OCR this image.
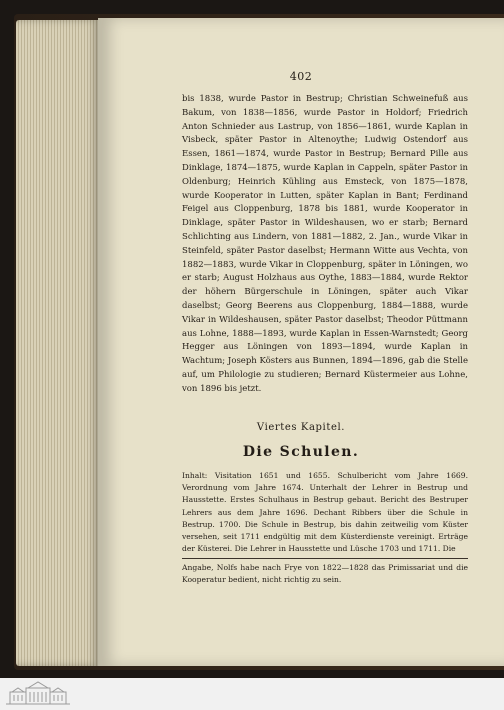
402

bis 1838, wurde Pastor in Bestrup; Christian Schweinefuß aus Bakum, von 1838—1856, wurde Pastor in Holdorf; Friedrich Anton Schnieder aus Lastrup, von 1856—1861, wurde Kaplan in Visbeck, später Pastor in Altenoythe; Ludwig Ostendorf aus Essen, 1861—1874, wurde Pastor in Bestrup; Bernard Pille aus Dinklage, 1874—1875, wurde Kaplan in Cappeln, später Pastor in Oldenburg; Heinrich Kühling aus Emsteck, von 1875—1878, wurde Kooperator in Lutten, später Kaplan in Bant; Ferdinand Feigel aus Cloppenburg, 1878 bis 1881, wurde Kooperator in Dinklage, später Pastor in Wildeshausen, wo er starb; Bernard Schlichting aus Lindern, von 1881—1882, 2. Jan., wurde Vikar in Steinfeld, später Pastor daselbst; Hermann Witte aus Vechta, von 1882—1883, wurde Vikar in Cloppenburg, später in Löningen, wo er starb; August Holzhaus aus Oythe, 1883—1884, wurde Rektor der höhern Bürgerschule in Löningen, später auch Vikar daselbst; Georg Beerens aus Cloppenburg, 1884—1888, wurde Vikar in Wildeshausen, später Pastor daselbst; Theodor Püttmann aus Lohne, 1888—1893, wurde Kaplan in Essen-Warnstedt; Georg Hegger aus Löningen von 1893—1894, wurde Kaplan in Wachtum; Joseph Kösters aus Bunnen, 1894—1896, gab die Stelle auf, um Philologie zu studieren; Bernard Küstermeier aus Lohne, von 1896 bis jetzt.

Viertes Kapitel.
Die Schulen.

Inhalt: Visitation 1651 und 1655. Schulbericht vom Jahre 1669. Verordnung vom Jahre 1674. Unterhalt der Lehrer in Bestrup und Hausstette. Erstes Schulhaus in Bestrup gebaut. Bericht des Bestruper Lehrers aus dem Jahre 1696. Dechant Ribbers über die Schule in Bestrup. 1700. Die Schule in Bestrup, bis dahin zeitweilig vom Küster versehen, seit 1711 endgültig mit dem Küsterdienste vereinigt. Erträge der Küsterei. Die Lehrer in Hausstette und Lüsche 1703 und 1711. Die

Angabe, Nolfs habe nach Frye von 1822—1828 das Primissariat und die Kooperatur bedient, nicht richtig zu sein.
